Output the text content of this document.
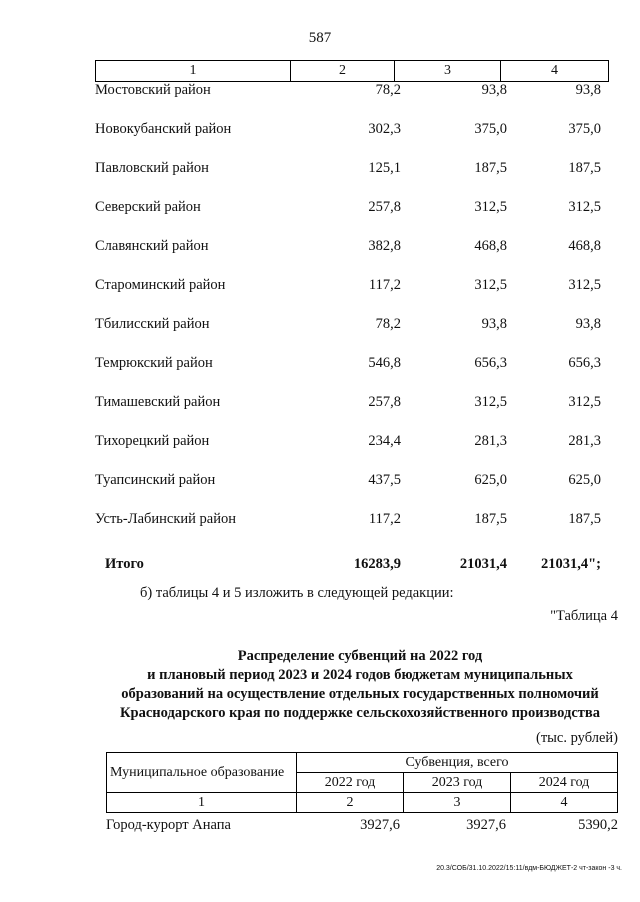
587
1	2	3	4
Мостовский район	78,2	93,8	93,8
Новокубанский район	302,3	375,0	375,0
Павловский район	125,1	187,5	187,5
Северский район	257,8	312,5	312,5
Славянский район	382,8	468,8	468,8
Староминский район	117,2	312,5	312,5
Тбилисский район	78,2	93,8	93,8
Темрюкский район	546,8	656,3	656,3
Тимашевский район	257,8	312,5	312,5
Тихорецкий район	234,4	281,3	281,3
Туапсинский район	437,5	625,0	625,0
Усть-Лабинский район	117,2	187,5	187,5
Итого	16283,9	21031,4 21031,4";
б) таблицы 4 и 5 изложить в следующей редакции:
"Таблица 4
Распределение субвенций на 2022 год
и плановый период 2023 и 2024 годов бюджетам муниципальных
образований на осуществление отдельных государственных полномочий
Краснодарского края по поддержке сельскохозяйственного производства
(тыс. рублей)
Муниципальное образование	Субвенция, всего		
	2022 год	2023 год	2024 год
1	2	3	4
Город-курорт Анапа	3927,6	3927,6	5390,2
20.3/СОБ/31.10.2022/15:11/вдм-БЮДЖЕТ-2 чт-закон -3 ч.
